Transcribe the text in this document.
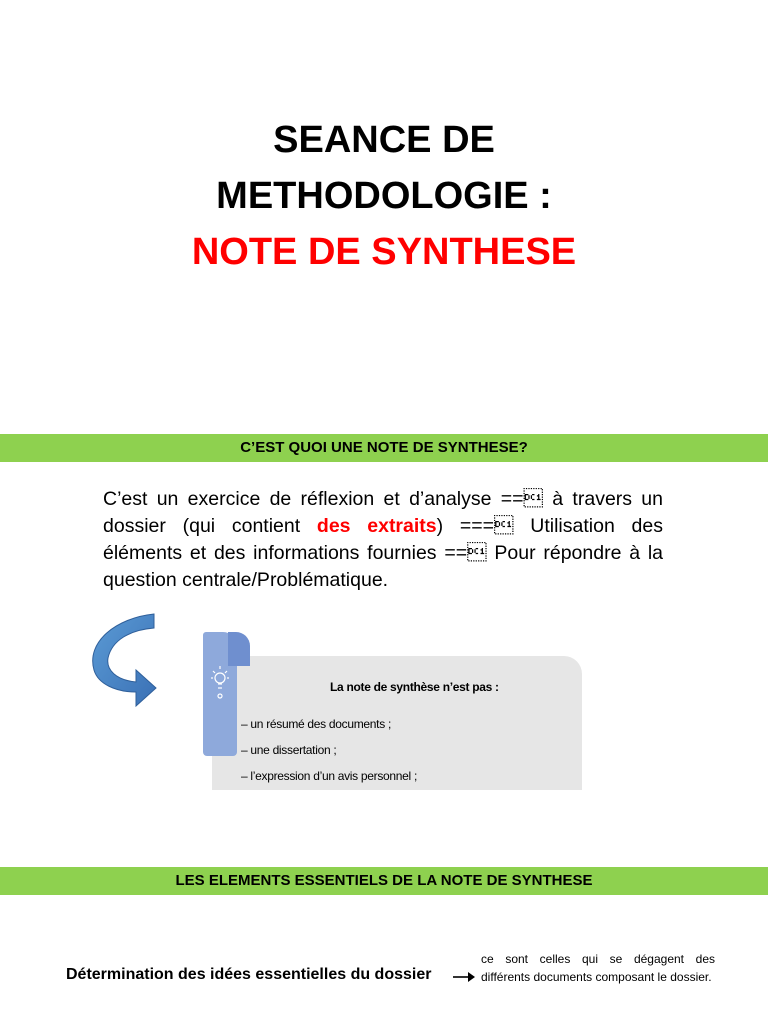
SEANCE DE
METHODOLOGIE :
NOTE DE SYNTHESE
C’EST QUOI UNE NOTE DE SYNTHESE?
C’est un exercice de réflexion et d’analyse == à travers un dossier (qui contient des extraits) === Utilisation des éléments et des informations fournies == Pour répondre à la question centrale/Problématique.
La note de synthèse n’est pas :
– un résumé des documents ;
– une dissertation ;
– l’expression d’un avis personnel ;
LES ELEMENTS ESSENTIELS DE LA NOTE DE SYNTHESE
Détermination des idées essentielles du dossier
ce sont celles qui se dégagent des différents documents composant le dossier.
